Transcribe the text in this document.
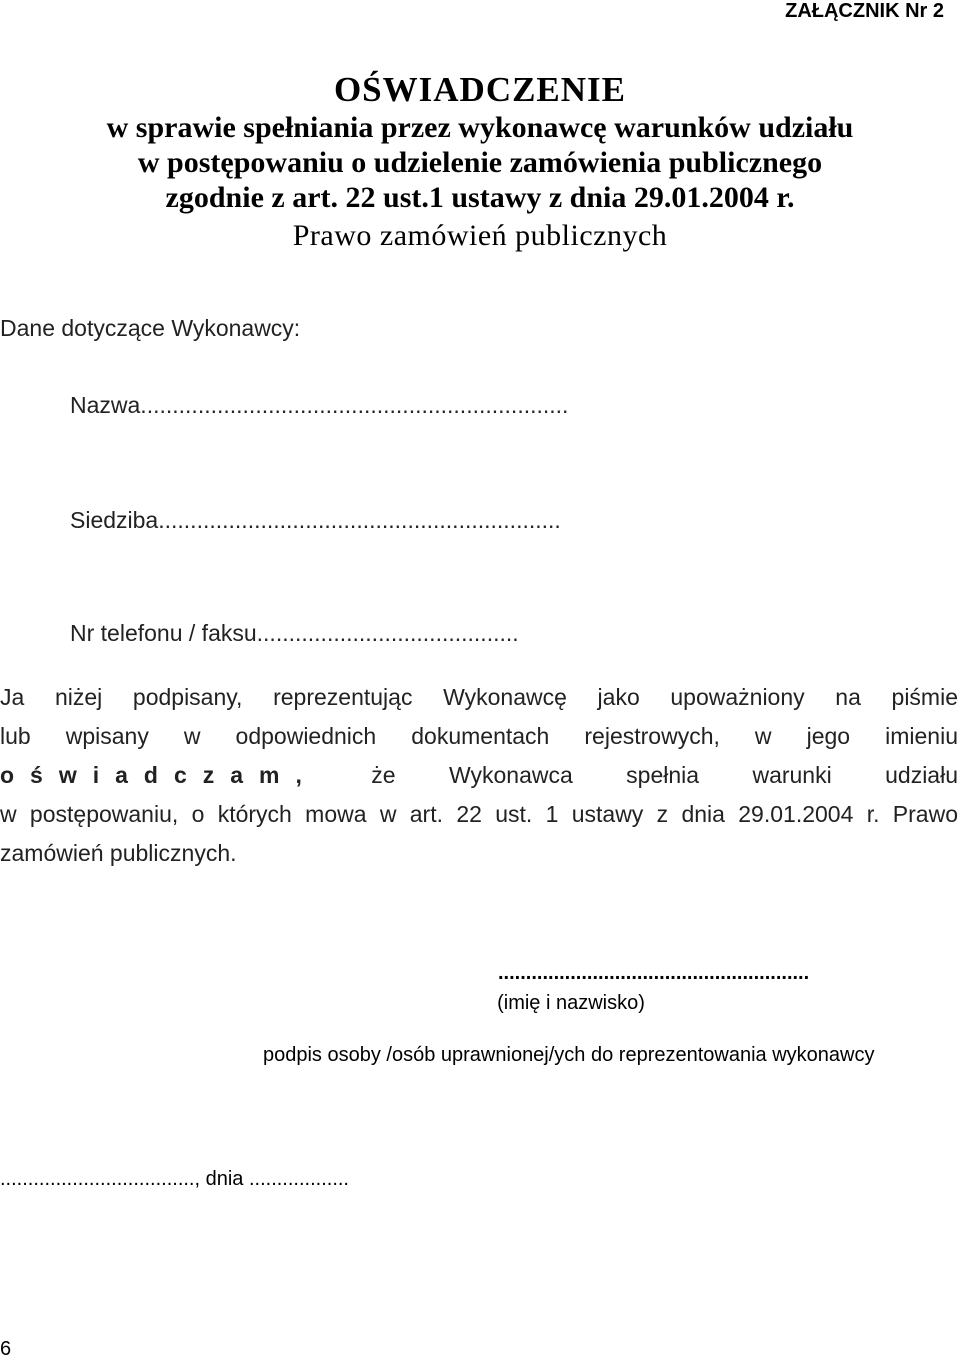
ZAŁĄCZNIK Nr 2
OŚWIADCZENIE
w sprawie spełniania przez wykonawcę warunków udziału
w postępowaniu o udzielenie zamówienia publicznego
zgodnie z art. 22 ust.1 ustawy z dnia 29.01.2004 r.
Prawo zamówień publicznych
Dane dotyczące Wykonawcy:
Nazwa...................................................................
Siedziba...............................................................
Nr telefonu / faksu.........................................
Ja niżej podpisany, reprezentując Wykonawcę jako upoważniony na piśmie
lub wpisany w odpowiednich dokumentach rejestrowych, w jego imieniu
oświadczam, że Wykonawca spełnia warunki udziału
w postępowaniu, o których mowa w art. 22 ust. 1 ustawy z dnia 29.01.2004 r. Prawo
zamówień publicznych.
........................................................
(imię i nazwisko)
podpis osoby /osób uprawnionej/ych do reprezentowania wykonawcy
..................................., dnia ..................
6
